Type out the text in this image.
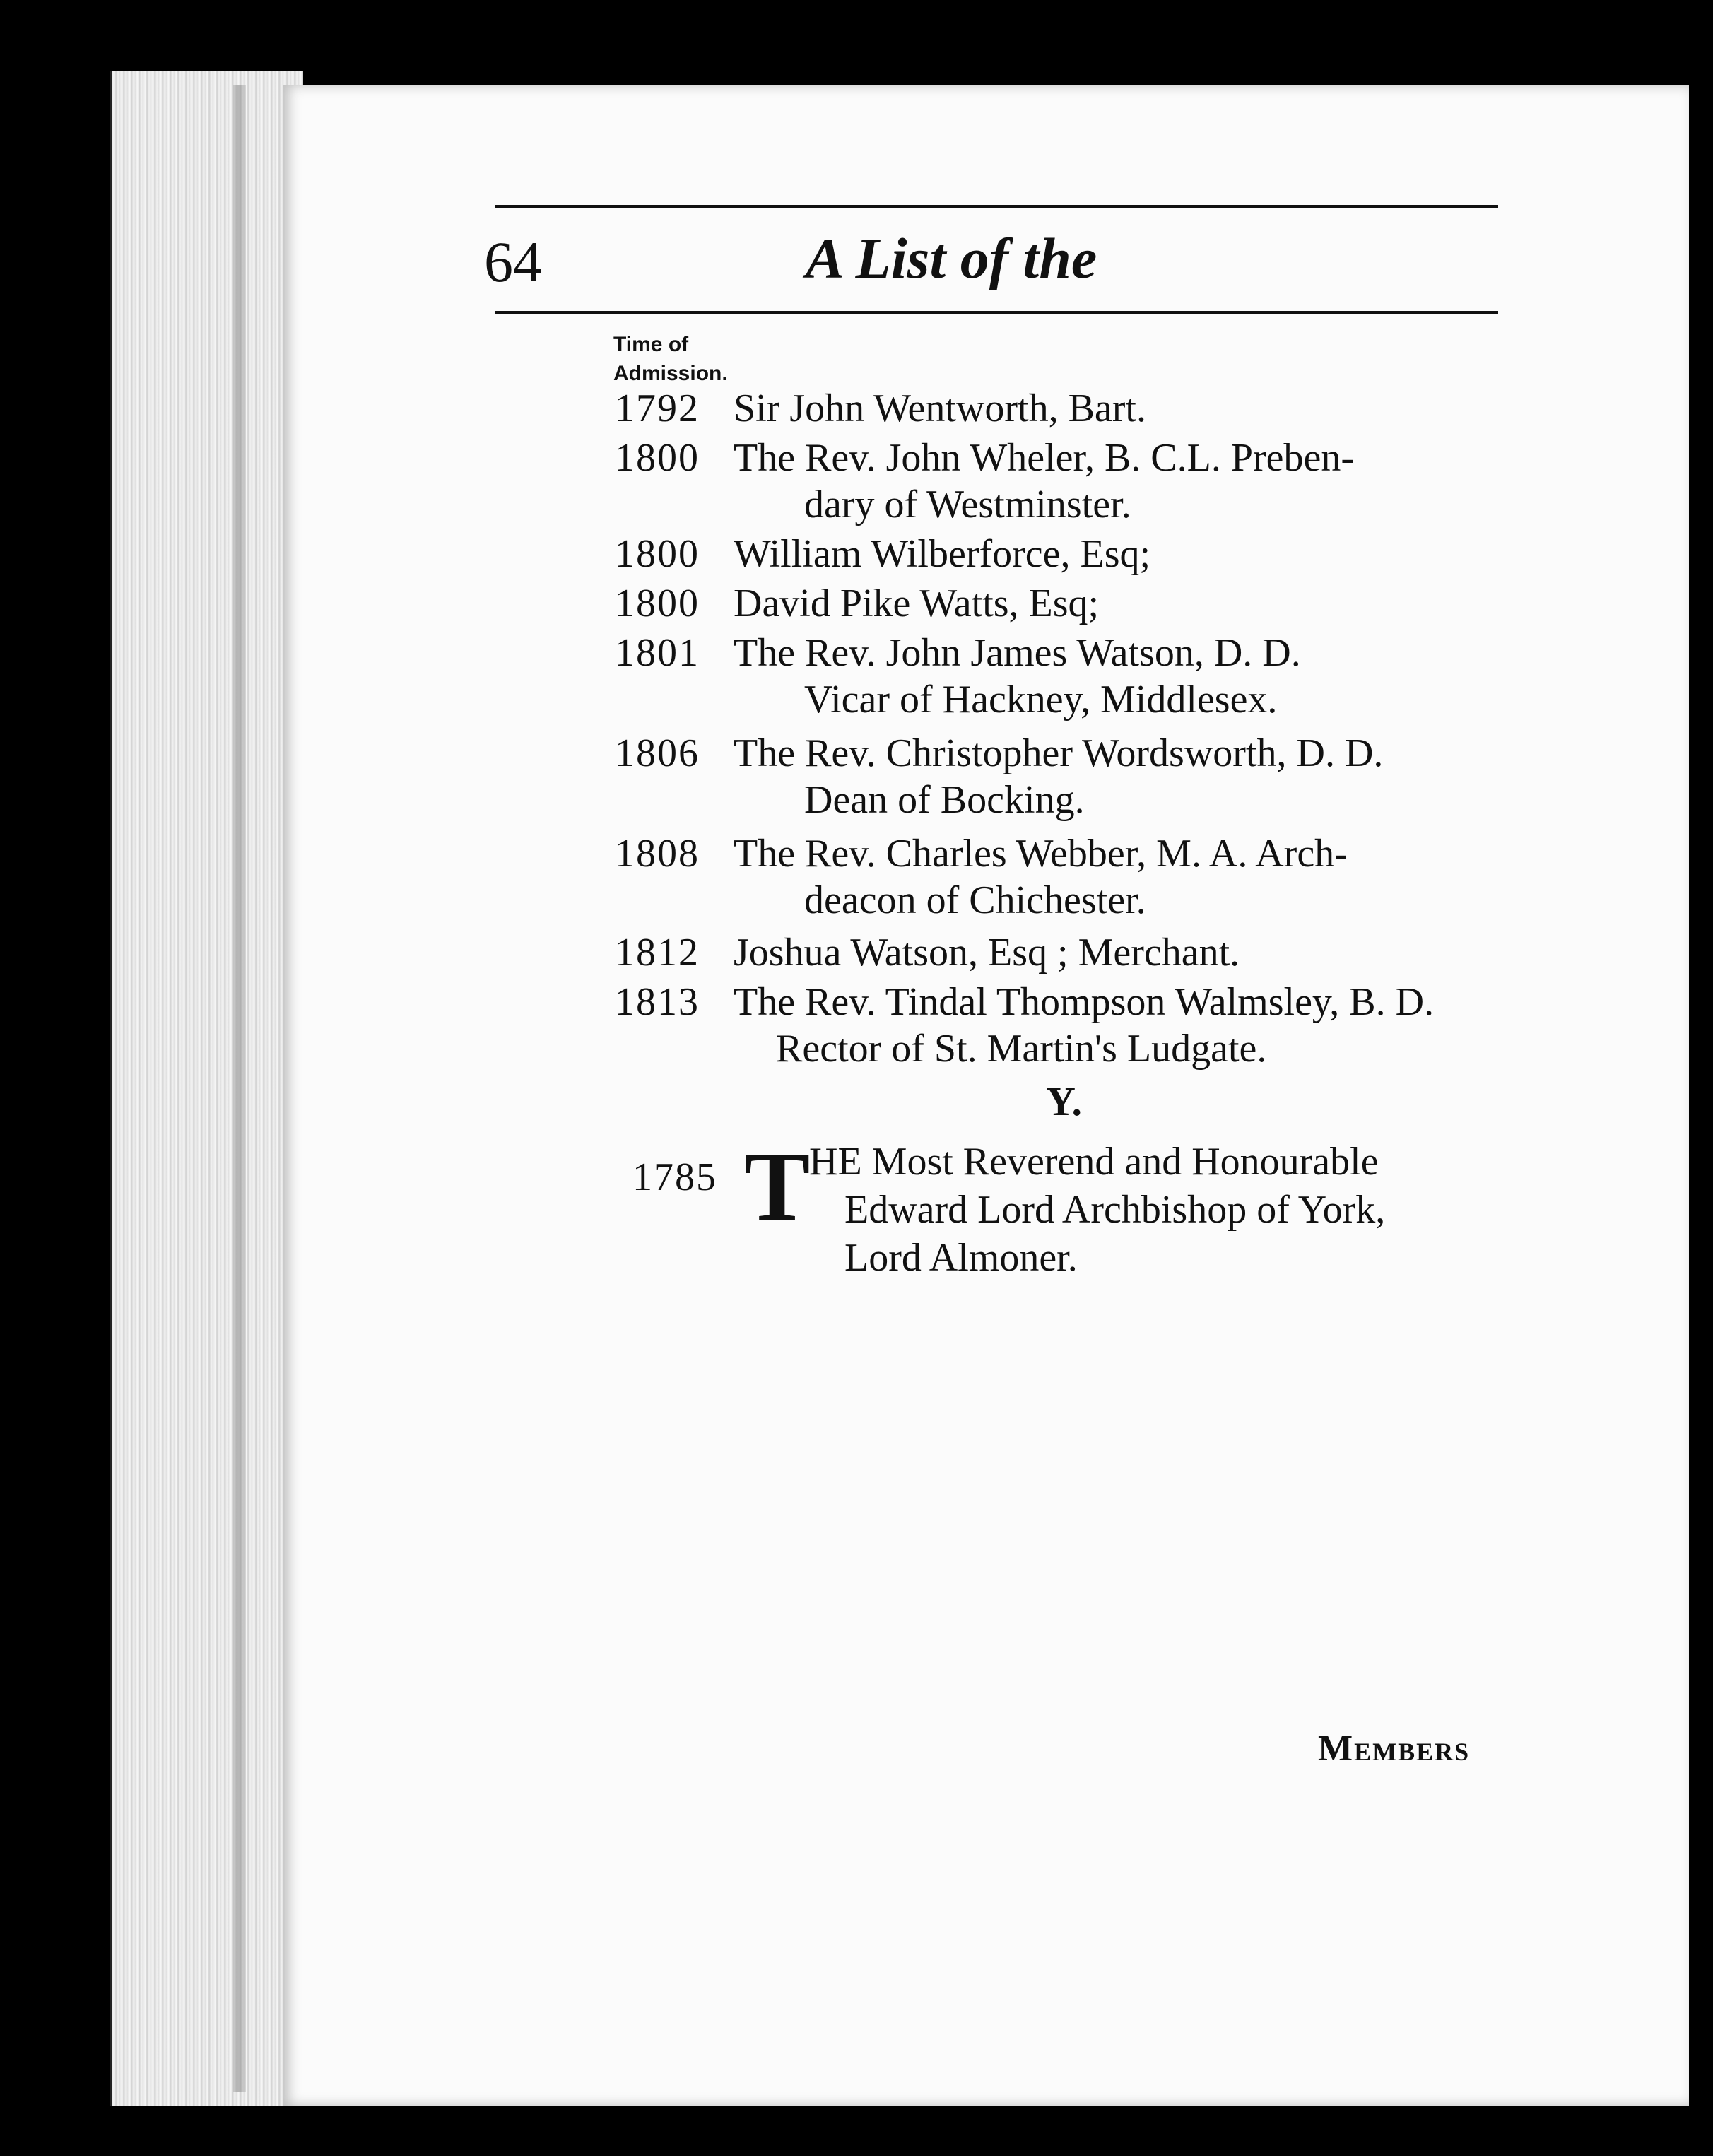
64	A List of the
Time of
Admission.
1792 Sir John Wentworth, Bart.
1800 The Rev. John Wheler, B. C.L. Preben-
dary of Westminster.
1800 William Wilberforce, Esq;
1800 David Pike Watts, Esq;
1801 The Rev. John James Watson, D. D.
Vicar of Hackney, Middlesex.
1806 The Rev. Christopher Wordsworth, D. D.
Dean of Bocking.
1808 The Rev. Charles Webber, M. A. Arch-
deacon of Chichester.
1812 Joshua Watson, Esq ; Merchant.
1813 The Rev. Tindal Thompson Walmsley, B. D.
Rector of St. Martin's Ludgate.
Y.
1785 T
HE Most Reverend and Honourable
Edward Lord Archbishop of York,
Lord Almoner.
Members
